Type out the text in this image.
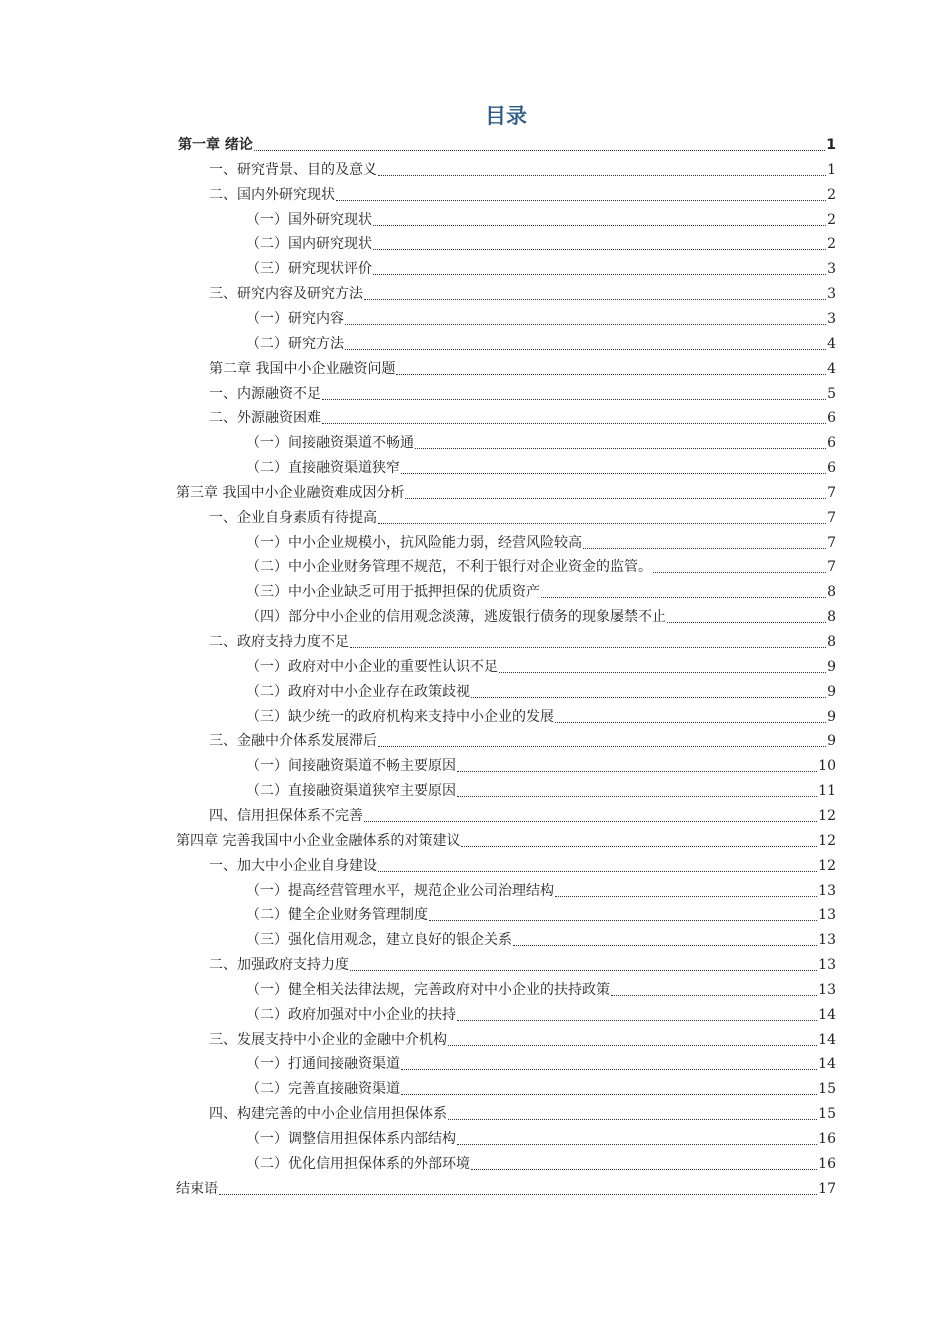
目录
第一章 绪论	1
一、研究背景、目的及意义	1
二、国内外研究现状	2
（一）国外研究现状	2
（二）国内研究现状	2
（三）研究现状评价	3
三、研究内容及研究方法	3
（一）研究内容	3
（二）研究方法	4
第二章 我国中小企业融资问题	4
一、内源融资不足	5
二、外源融资困难	6
（一）间接融资渠道不畅通	6
（二）直接融资渠道狭窄	6
第三章 我国中小企业融资难成因分析	7
一、企业自身素质有待提高	7
（一）中小企业规模小，抗风险能力弱，经营风险较高	7
（二）中小企业财务管理不规范，不利于银行对企业资金的监管。	7
（三）中小企业缺乏可用于抵押担保的优质资产	8
（四）部分中小企业的信用观念淡薄，逃废银行债务的现象屡禁不止	8
二、政府支持力度不足	8
（一）政府对中小企业的重要性认识不足	9
（二）政府对中小企业存在政策歧视	9
（三）缺少统一的政府机构来支持中小企业的发展	9
三、金融中介体系发展滞后	9
（一）间接融资渠道不畅主要原因	10
（二）直接融资渠道狭窄主要原因	11
四、信用担保体系不完善	12
第四章 完善我国中小企业金融体系的对策建议	12
一、加大中小企业自身建设	12
（一）提高经营管理水平，规范企业公司治理结构	13
（二）健全企业财务管理制度	13
（三）强化信用观念，建立良好的银企关系	13
二、加强政府支持力度	13
（一）健全相关法律法规，完善政府对中小企业的扶持政策	13
（二）政府加强对中小企业的扶持	14
三、发展支持中小企业的金融中介机构	14
（一）打通间接融资渠道	14
（二）完善直接融资渠道	15
四、构建完善的中小企业信用担保体系	15
（一）调整信用担保体系内部结构	16
（二）优化信用担保体系的外部环境	16
结束语	17
